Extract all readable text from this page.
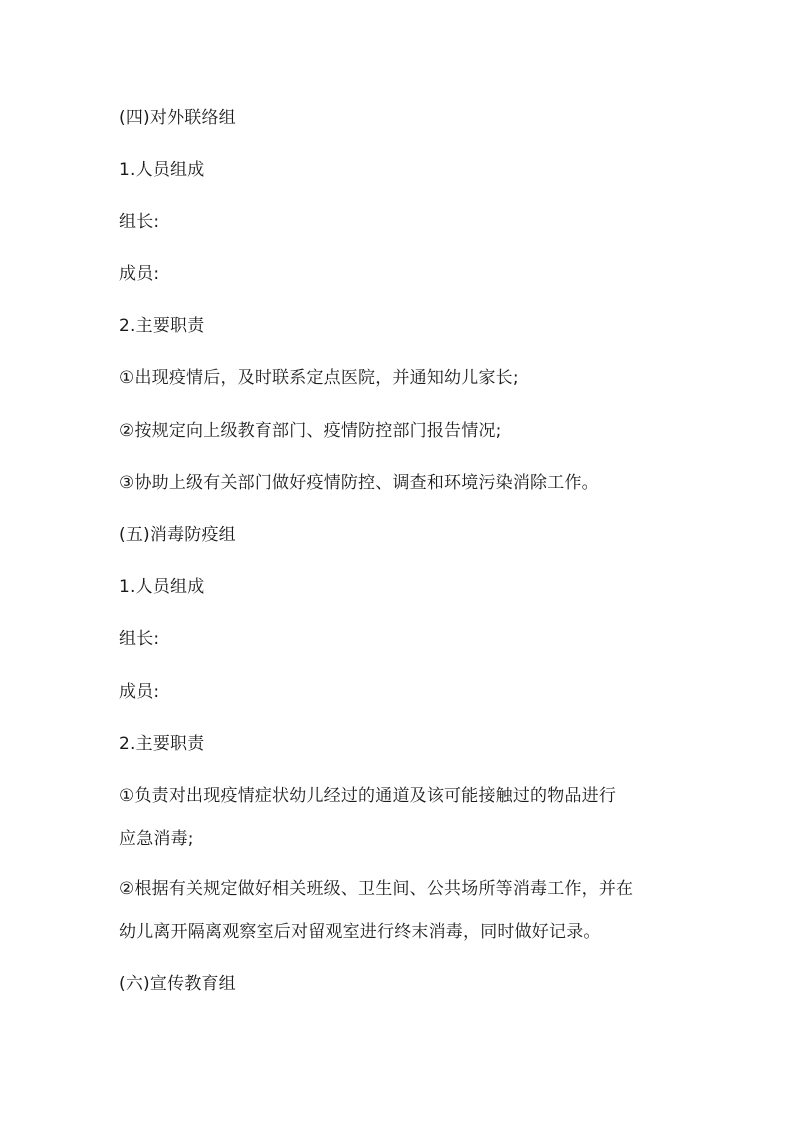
(四)对外联络组
1.人员组成
组长:
成员:
2.主要职责
①出现疫情后，及时联系定点医院，并通知幼儿家长;
②按规定向上级教育部门、疫情防控部门报告情况;
③协助上级有关部门做好疫情防控、调查和环境污染消除工作。
(五)消毒防疫组
1.人员组成
组长:
成员:
2.主要职责
①负责对出现疫情症状幼儿经过的通道及该可能接触过的物品进行
应急消毒;
②根据有关规定做好相关班级、卫生间、公共场所等消毒工作，并在
幼儿离开隔离观察室后对留观室进行终末消毒，同时做好记录。
(六)宣传教育组
